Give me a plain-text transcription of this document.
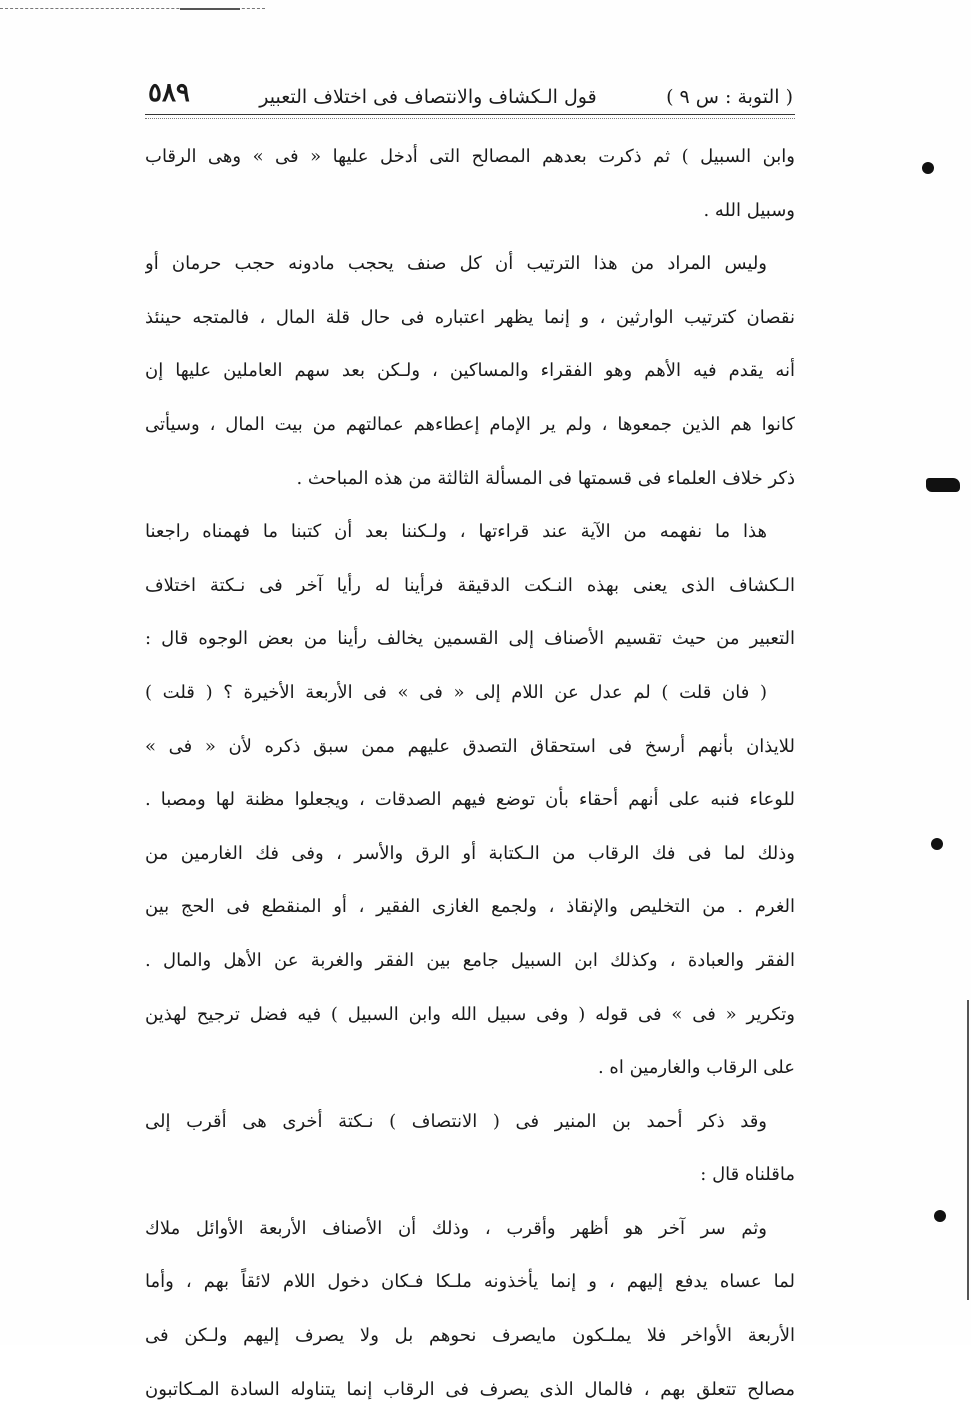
( التوبة : س ٩ )
قول الـكشاف والانتصاف فى اختلاف التعبير
٥٨٩
وابن السبيل ) ثم ذكرت بعدهم المصالح التى أدخل عليها « فى » وهى الرقاب
وسبيل الله .
وليس المراد من هذا الترتيب أن كل صنف يحجب مادونه حجب حرمان أو
نقصان كترتيب الوارثين ، و إنما يظهر اعتباره فى حال قلة المال ، فالمتجه حينئذ
أنه يقدم فيه الأهم وهو الفقراء والمساكين ، ولـكن بعد سهم العاملين عليها إن
كانوا هم الذين جمعوها ، ولم ير الإمام إعطاءهم عمالتهم من بيت المال ، وسيأتى
ذكر خلاف العلماء فى قسمتها فى المسألة الثالثة من هذه المباحث .
هذا ما نفهمه من الآية عند قراءتها ، ولـكننا بعد أن كتبنا ما فهمناه راجعنا
الـكشاف الذى يعنى بهذه النـكت الدقيقة فرأينا له رأيا آخر فى نـكتة اختلاف
التعبير من حيث تقسيم الأصناف إلى القسمين يخالف رأينا من بعض الوجوه قال :
( فان قلت ) لم عدل عن اللام إلى « فى » فى الأربعة الأخيرة ؟ ( قلت )
للايذان بأنهم أرسخ فى استحقاق التصدق عليهم ممن سبق ذكره لأن « فى »
للوعاء فنبه على أنهم أحقاء بأن توضع فيهم الصدقات ، ويجعلوا مظنة لها ومصبا .
وذلك لما فى فك الرقاب من الـكتابة أو الرق والأسر ، وفى فك الغارمين من
الغرم . من التخليص والإنقاذ ، ولجمع الغازى الفقير ، أو المنقطع فى الحج بين
الفقر والعبادة ، وكذلك ابن السبيل جامع بين الفقر والغربة عن الأهل والمال .
وتكرير « فى » فى قوله ( وفى سبيل الله وابن السبيل ) فيه فضل ترجيح لهذين
على الرقاب والغارمين اه .
وقد ذكر أحمد بن المنير فى ( الانتصاف ) نـكتة أخرى هى أقرب إلى
ماقلناه قال :
وثم سر آخر هو أظهر وأقرب ، وذلك أن الأصناف الأربعة الأوائل ملاك
لما عساه يدفع إليهم ، و إنما يأخذونه ملـكا فـكان دخول اللام لائقاً بهم ، وأما
الأربعة الأواخر فلا يملـكون مايصرف نحوهم بل ولا يصرف إليهم ولـكن فى
مصالح تتعلق بهم ، فالمال الذى يصرف فى الرقاب إنما يتناوله السادة المـكاتبون
